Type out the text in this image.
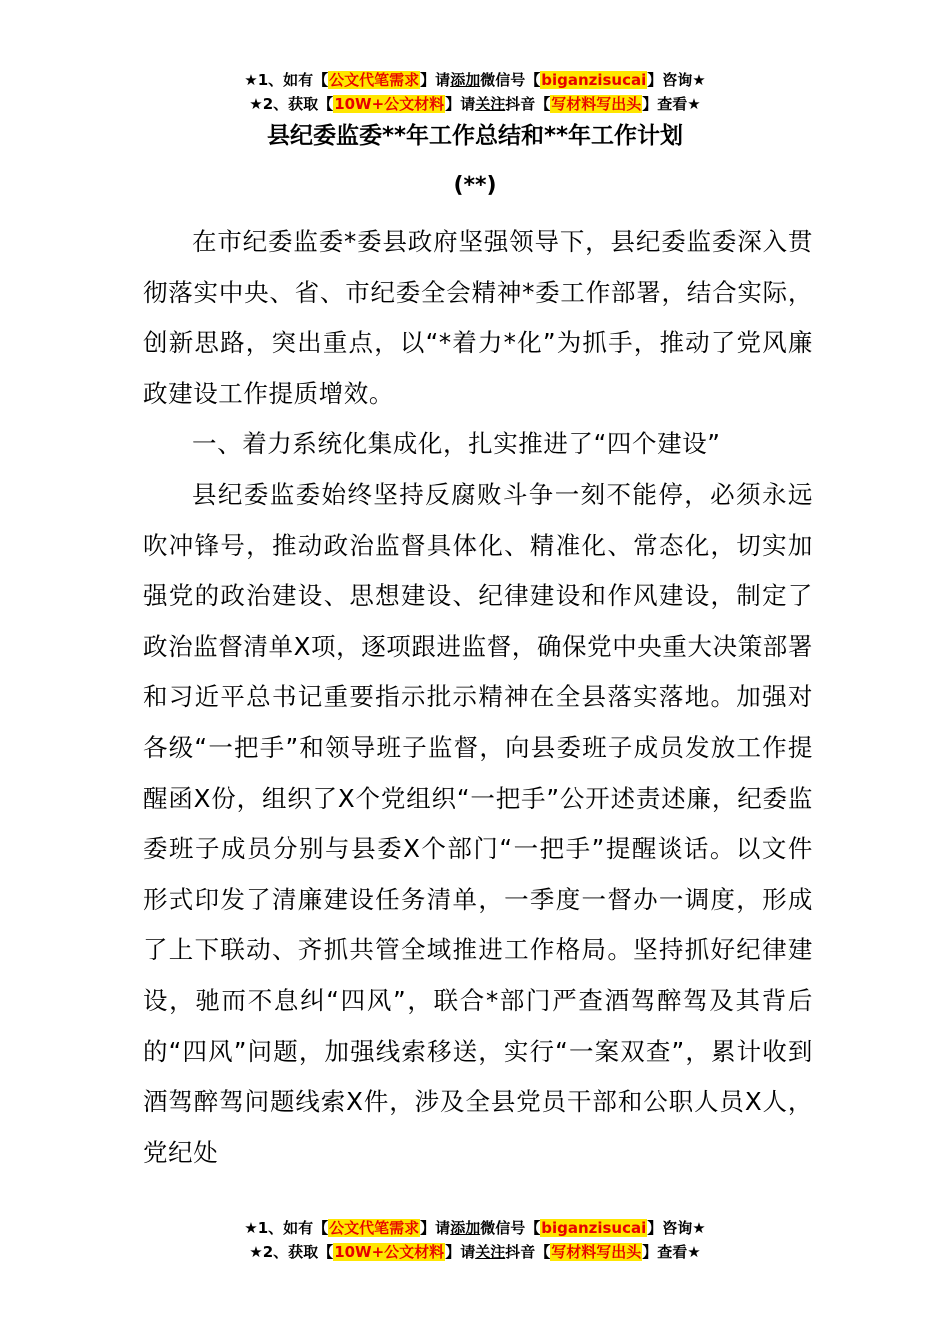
★1、如有【公文代笔需求】请添加微信号【biganzisucai】咨询★
★2、获取【10W+公文材料】请关注抖音【写材料写出头】查看★
县纪委监委**年工作总结和**年工作计划
(**)

在市纪委监委*委县政府坚强领导下，县纪委监委深入贯彻落实中央、省、市纪委全会精神*委工作部署，结合实际，创新思路，突出重点，以“*着力*化”为抓手，推动了党风廉政建设工作提质增效。

一、着力系统化集成化，扎实推进了“四个建设”

县纪委监委始终坚持反腐败斗争一刻不能停，必须永远吹冲锋号，推动政治监督具体化、精准化、常态化，切实加强党的政治建设、思想建设、纪律建设和作风建设，制定了政治监督清单X项，逐项跟进监督，确保党中央重大决策部署和习近平总书记重要指示批示精神在全县落实落地。加强对各级“一把手”和领导班子监督，向县委班子成员发放工作提醒函X份，组织了X个党组织“一把手”公开述责述廉，纪委监委班子成员分别与县委X个部门“一把手”提醒谈话。以文件形式印发了清廉建设任务清单，一季度一督办一调度，形成了上下联动、齐抓共管全域推进工作格局。坚持抓好纪律建设，驰而不息纠“四风”，联合*部门严查酒驾醉驾及其背后的“四风”问题，加强线索移送，实行“一案双查”，累计收到酒驾醉驾问题线索X件，涉及全县党员干部和公职人员X人，党纪处

★1、如有【公文代笔需求】请添加微信号【biganzisucai】咨询★
★2、获取【10W+公文材料】请关注抖音【写材料写出头】查看★
